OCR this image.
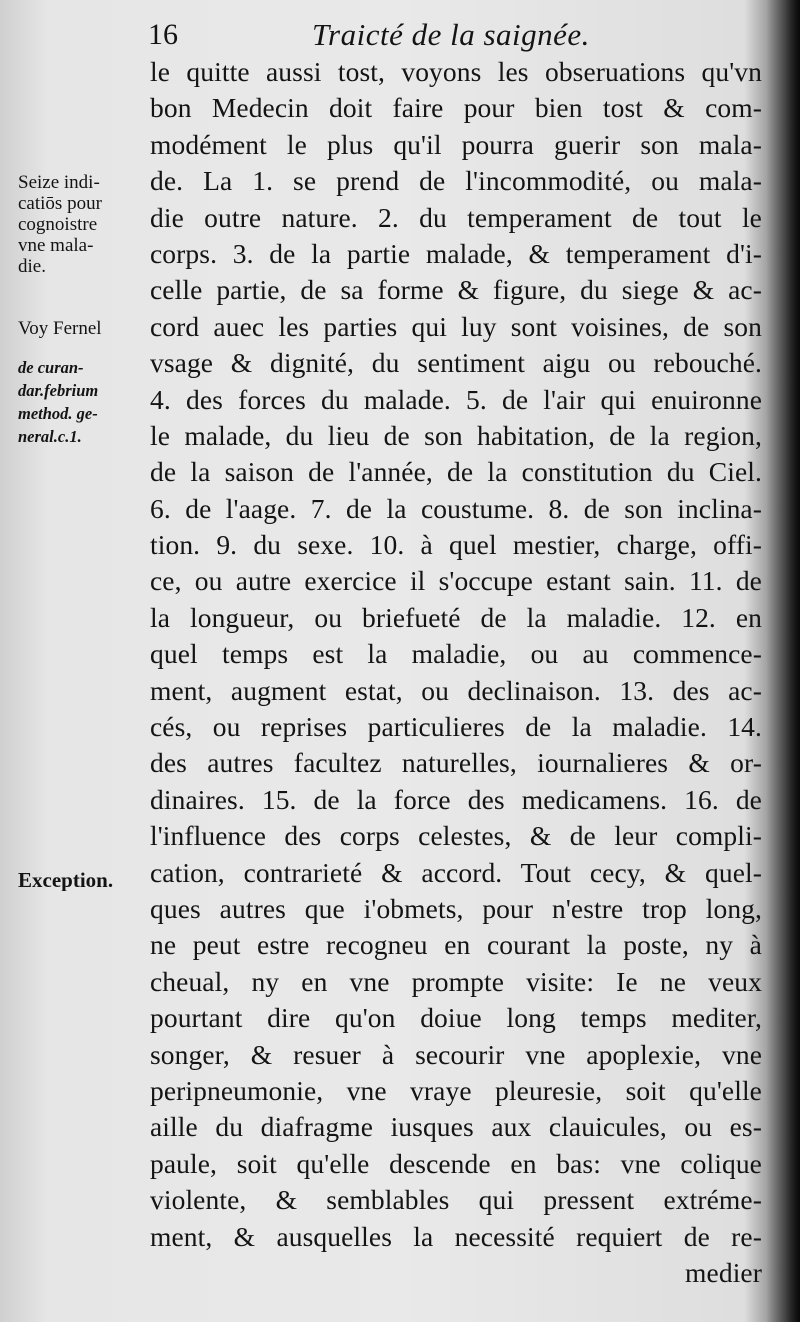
16	Traicté de la saignée.
Seize indi-
catiōs pour
cognoistre
vne mala-
die.
Voy Fernel
de curan-
dar.febrium
method. ge-
neral.c.1.
Exception.
le quitte aussi tost, voyons les obseruations qu'vn
bon Medecin doit faire pour bien tost & com-
modément le plus qu'il pourra guerir son mala-
de. La 1. se prend de l'incommodité, ou mala-
die outre nature. 2. du temperament de tout le
corps. 3. de la partie malade, & temperament d'i-
celle partie, de sa forme & figure, du siege & ac-
cord auec les parties qui luy sont voisines, de son
vsage & dignité, du sentiment aigu ou rebouché.
4. des forces du malade. 5. de l'air qui enuironne
le malade, du lieu de son habitation, de la region,
de la saison de l'année, de la constitution du Ciel.
6. de l'aage. 7. de la coustume. 8. de son inclina-
tion. 9. du sexe. 10. à quel mestier, charge, offi-
ce, ou autre exercice il s'occupe estant sain. 11. de
la longueur, ou briefueté de la maladie. 12. en
quel temps est la maladie, ou au commence-
ment, augment estat, ou declinaison. 13. des ac-
cés, ou reprises particulieres de la maladie. 14.
des autres facultez naturelles, iournalieres & or-
dinaires. 15. de la force des medicamens. 16. de
l'influence des corps celestes, & de leur compli-
cation, contrarieté & accord. Tout cecy, & quel-
ques autres que i'obmets, pour n'estre trop long,
ne peut estre recogneu en courant la poste, ny à
cheual, ny en vne prompte visite: Ie ne veux
pourtant dire qu'on doiue long temps mediter,
songer, & resuer à secourir vne apoplexie, vne
peripneumonie, vne vraye pleuresie, soit qu'elle
aille du diafragme iusques aux clauicules, ou es-
paule, soit qu'elle descende en bas: vne colique
violente, & semblables qui pressent extréme-
ment, & ausquelles la necessité requiert de re-
medier
